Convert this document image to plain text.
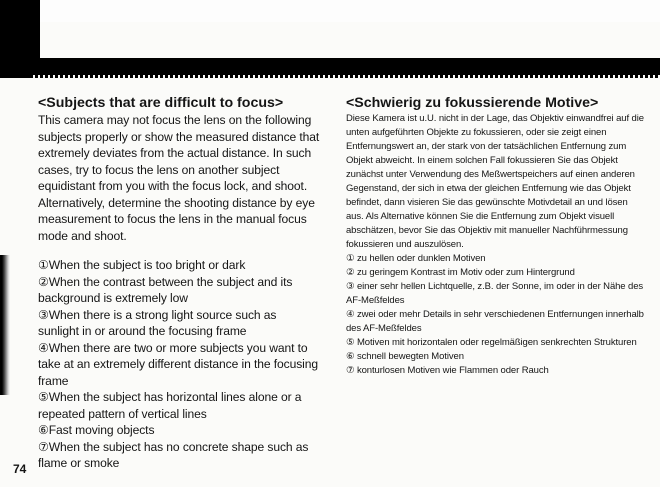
<Subjects that are difficult to focus>

This camera may not focus the lens on the following subjects properly or show the measured distance that extremely deviates from the actual distance. In such cases, try to focus the lens on another subject equidistant from you with the focus lock, and shoot. Alternatively, determine the shooting distance by eye measurement to focus the lens in the manual focus mode and shoot.

①When the subject is too bright or dark
②When the contrast between the subject and its background is extremely low
③When there is a strong light source such as sunlight in or around the focusing frame
④When there are two or more subjects you want to take at an extremely different distance in the focusing frame
⑤When the subject has horizontal lines alone or a repeated pattern of vertical lines
⑥Fast moving objects
⑦When the subject has no concrete shape such as flame or smoke
<Schwierig zu fokussierende Motive>

Diese Kamera ist u.U. nicht in der Lage, das Objektiv einwandfrei auf die unten aufgeführten Objekte zu fokussieren, oder sie zeigt einen Entfernungswert an, der stark von der tatsächlichen Entfernung zum Objekt abweicht. In einem solchen Fall fokussieren Sie das Objekt zunächst unter Verwendung des Meßwertspeichers auf einen anderen Gegenstand, der sich in etwa der gleichen Entfernung wie das Objekt befindet, dann visieren Sie das gewünschte Motivdetail an und lösen aus. Als Alternative können Sie die Entfernung zum Objekt visuell abschätzen, bevor Sie das Objektiv mit manueller Nachführmessung fokussieren und auszulösen.

① zu hellen oder dunklen Motiven
② zu geringem Kontrast im Motiv oder zum Hintergrund
③ einer sehr hellen Lichtquelle, z.B. der Sonne, im oder in der Nähe des AF-Meßfeldes
④ zwei oder mehr Details in sehr verschiedenen Entfernungen innerhalb des AF-Meßfeldes
⑤ Motiven mit horizontalen oder regelmäßigen senkrechten Strukturen
⑥ schnell bewegten Motiven
⑦ konturlosen Motiven wie Flammen oder Rauch
74
